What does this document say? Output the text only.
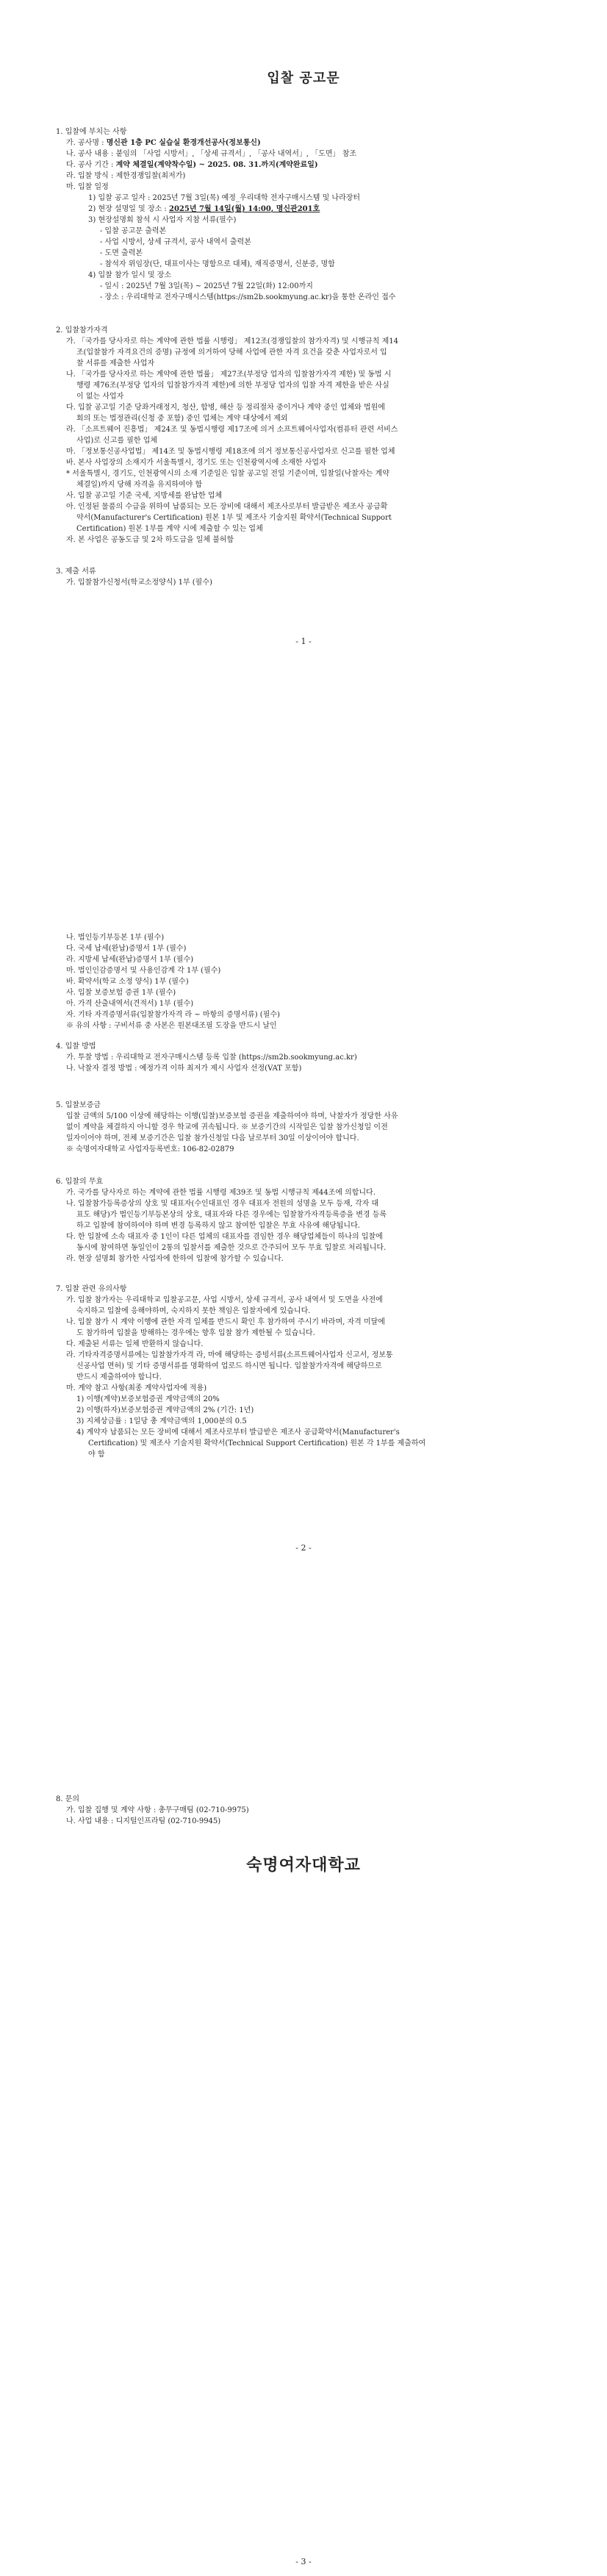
입찰 공고문

1. 입찰에 부치는 사항

가. 공사명 : 명신관 1층 PC 실습실 환경개선공사(정보통신)

나. 공사 내용 : 붙임의 「사업 시방서」, 「상세 규격서」, 「공사 내역서」, 「도면」 참조

다. 공사 기간 : 계약 체결일(계약착수일) ~ 2025. 08. 31.까지(계약완료일)

라. 입찰 방식 : 제한경쟁입찰(최저가)

마. 입찰 일정

1) 입찰 공고 일자 : 2025년 7월 3일(목) 예정_우리대학 전자구매시스템 및 나라장터

2) 현장 설명일 및 장소 : 2025년 7월 14일(월) 14:00, 명신관201호

3) 현장설명회 참석 시 사업자 지참 서류(필수)

- 입찰 공고문 출력본

- 사업 시방서, 상세 규격서, 공사 내역서 출력본

- 도면 출력본

- 참석자 위임장(단, 대표이사는 명함으로 대체), 재직증명서, 신분증, 명함

4) 입찰 참가 일시 및 장소

- 일시 : 2025년 7월 3일(목) ~ 2025년 7월 22일(화) 12:00까지

- 장소 : 우리대학교 전자구매시스템(https://sm2b.sookmyung.ac.kr)을 통한 온라인 접수

2. 입찰참가자격

가. 「국가를 당사자로 하는 계약에 관한 법률 시행령」 제12조(경쟁입찰의 참가자격) 및 시행규칙 제14

조(입찰참가 자격요건의 증명) 규정에 의거하여 당해 사업에 관한 자격 요건을 갖춘 사업자로서 입

찰 서류를 제출한 사업자

나. 「국가를 당사자로 하는 계약에 관한 법률」 제27조(부정당 업자의 입찰참가자격 제한) 및 동법 시

행령 제76조(부정당 업자의 입찰참가자격 제한)에 의한 부정당 업자의 입찰 자격 제한을 받은 사실

이 없는 사업자

다. 입찰 공고일 기준 당좌거래정지, 청산, 합병, 해산 등 정리절차 중이거나 계약 중인 업체와 법원에

회의 또는 법정관리(신청 중 포함) 중인 업체는 계약 대상에서 제외

라. 「소프트웨어 진흥법」 제24조 및 동법시행령 제17조에 의거 소프트웨어사업자(컴퓨터 관련 서비스

사업)로 신고를 필한 업체

마. 「정보통신공사업법」 제14조 및 동법시행령 제18조에 의거 정보통신공사업자로 신고를 필한 업체

바. 본사 사업장의 소재지가 서울특별시, 경기도 또는 인천광역시에 소재한 사업자

* 서울특별시, 경기도, 인천광역시의 소재 기준일은 입찰 공고일 전일 기준이며, 입찰일(낙찰자는 계약

체결일)까지 당해 자격을 유지하여야 함

사. 입찰 공고일 기준 국세, 지방세를 완납한 업체

아. 인정된 물품의 수급을 위하여 납품되는 모든 장비에 대해서 제조사로부터 발급받은 제조사 공급확

약서(Manufacturer's Certification) 원본 1부 및 제조사 기술지원 확약서(Technical Support

Certification) 원본 1부를 계약 시에 제출할 수 있는 업체

자. 본 사업은 공동도급 및 2차 하도급을 일체 불허함

3. 제출 서류

가. 입찰참가신청서(학교소정양식) 1부 (필수)

- 1 -

나. 법인등기부등본 1부 (필수)

다. 국세 납세(완납)증명서 1부 (필수)

라. 지방세 납세(완납)증명서 1부 (필수)

마. 법인인감증명서 및 사용인감계 각 1부 (필수)

바. 확약서(학교 소정 양식) 1부 (필수)

사. 입찰 보증보험 증권 1부 (필수)

아. 가격 산출내역서(견적서) 1부 (필수)

자. 기타 자격증명서류(입찰참가자격 라 ~ 마항의 증명서류) (필수)

※ 유의 사항 : 구비서류 중 사본은 원본대조필 도장을 반드시 날인

4. 입찰 방법

가. 투찰 방법 : 우리대학교 전자구매시스템 등록 입찰 (https://sm2b.sookmyung.ac.kr)

나. 낙찰자 결정 방법 : 예정가격 이하 최저가 제시 사업자 선정(VAT 포함)

5. 입찰보증금

입찰 금액의 5/100 이상에 해당하는 이행(입찰)보증보험 증권을 제출하여야 하며, 낙찰자가 정당한 사유

없이 계약을 체결하지 아니할 경우 학교에 귀속됩니다. ※ 보증기간의 시작일은 입찰 참가신청일 이전

일자이어야 하며, 전체 보증기간은 입찰 참가신청일 다음 날로부터 30일 이상이어야 합니다.

※ 숙명여자대학교 사업자등록번호: 106-82-02879

6. 입찰의 무효

가. 국가를 당사자로 하는 계약에 관한 법률 시행령 제39조 및 동법 시행규칙 제44조에 의합니다.

나. 입찰참가등록증상의 상호 및 대표자(수인대표인 경우 대표자 전원의 성명을 모두 등재, 각자 대

표도 해당)가 법인등기부등본상의 상호, 대표자와 다른 경우에는 입찰참가자격등록증을 변경 등록

하고 입찰에 참여하여야 하며 변경 등록하지 않고 참여한 입찰은 무효 사유에 해당됩니다.

다. 한 입찰에 소속 대표자 중 1인이 다른 업체의 대표자를 겸임한 경우 해당업체들이 하나의 입찰에

동시에 참여하면 동일인이 2통의 입찰서를 제출한 것으로 간주되어 모두 무효 입찰로 처리됩니다.

라. 현장 설명회 참가한 사업자에 한하여 입찰에 참가할 수 있습니다.

7. 입찰 관련 유의사항

가. 입찰 참가자는 우리대학교 입찰공고문, 사업 시방서, 상세 규격서, 공사 내역서 및 도면을 사전에

숙지하고 입찰에 응해야하며, 숙지하지 못한 책임은 입찰자에게 있습니다.

나. 입찰 참가 시 계약 이행에 관한 자격 일체를 반드시 확인 후 참가하여 주시기 바라며, 자격 미달에

도 참가하여 입찰을 방해하는 경우에는 향후 입찰 참가 제한될 수 있습니다.

다. 제출된 서류는 일체 반환하지 않습니다.

라. 기타자격증명서류에는 입찰참가자격 라, 마에 해당하는 증빙서류(소프트웨어사업자 신고서, 정보통

신공사업 면허) 및 기타 증명서류를 명확하여 업로드 하시면 됩니다. 입찰참가자격에 해당하므로

반드시 제출하여야 합니다.

마. 계약 참고 사항(최종 계약사업자에 적용)

1) 이행(계약)보증보험증권 계약금액의 20%

2) 이행(하자)보증보험증권 계약금액의 2% (기간: 1년)

3) 지체상금률 : 1일당 총 계약금액의 1,000분의 0.5

4) 계약자 납품되는 모든 장비에 대해서 제조사로부터 발급받은 제조사 공급확약서(Manufacturer's

Certification) 및 제조사 기술지원 확약서(Technical Support Certification) 원본 각 1부를 제출하여

야 함

- 2 -

8. 문의

가. 입찰 집행 및 계약 사항 : 총무구매팀 (02-710-9975)

나. 사업 내용 : 디지털인프라팀 (02-710-9945)

숙명여자대학교
- 3 -
